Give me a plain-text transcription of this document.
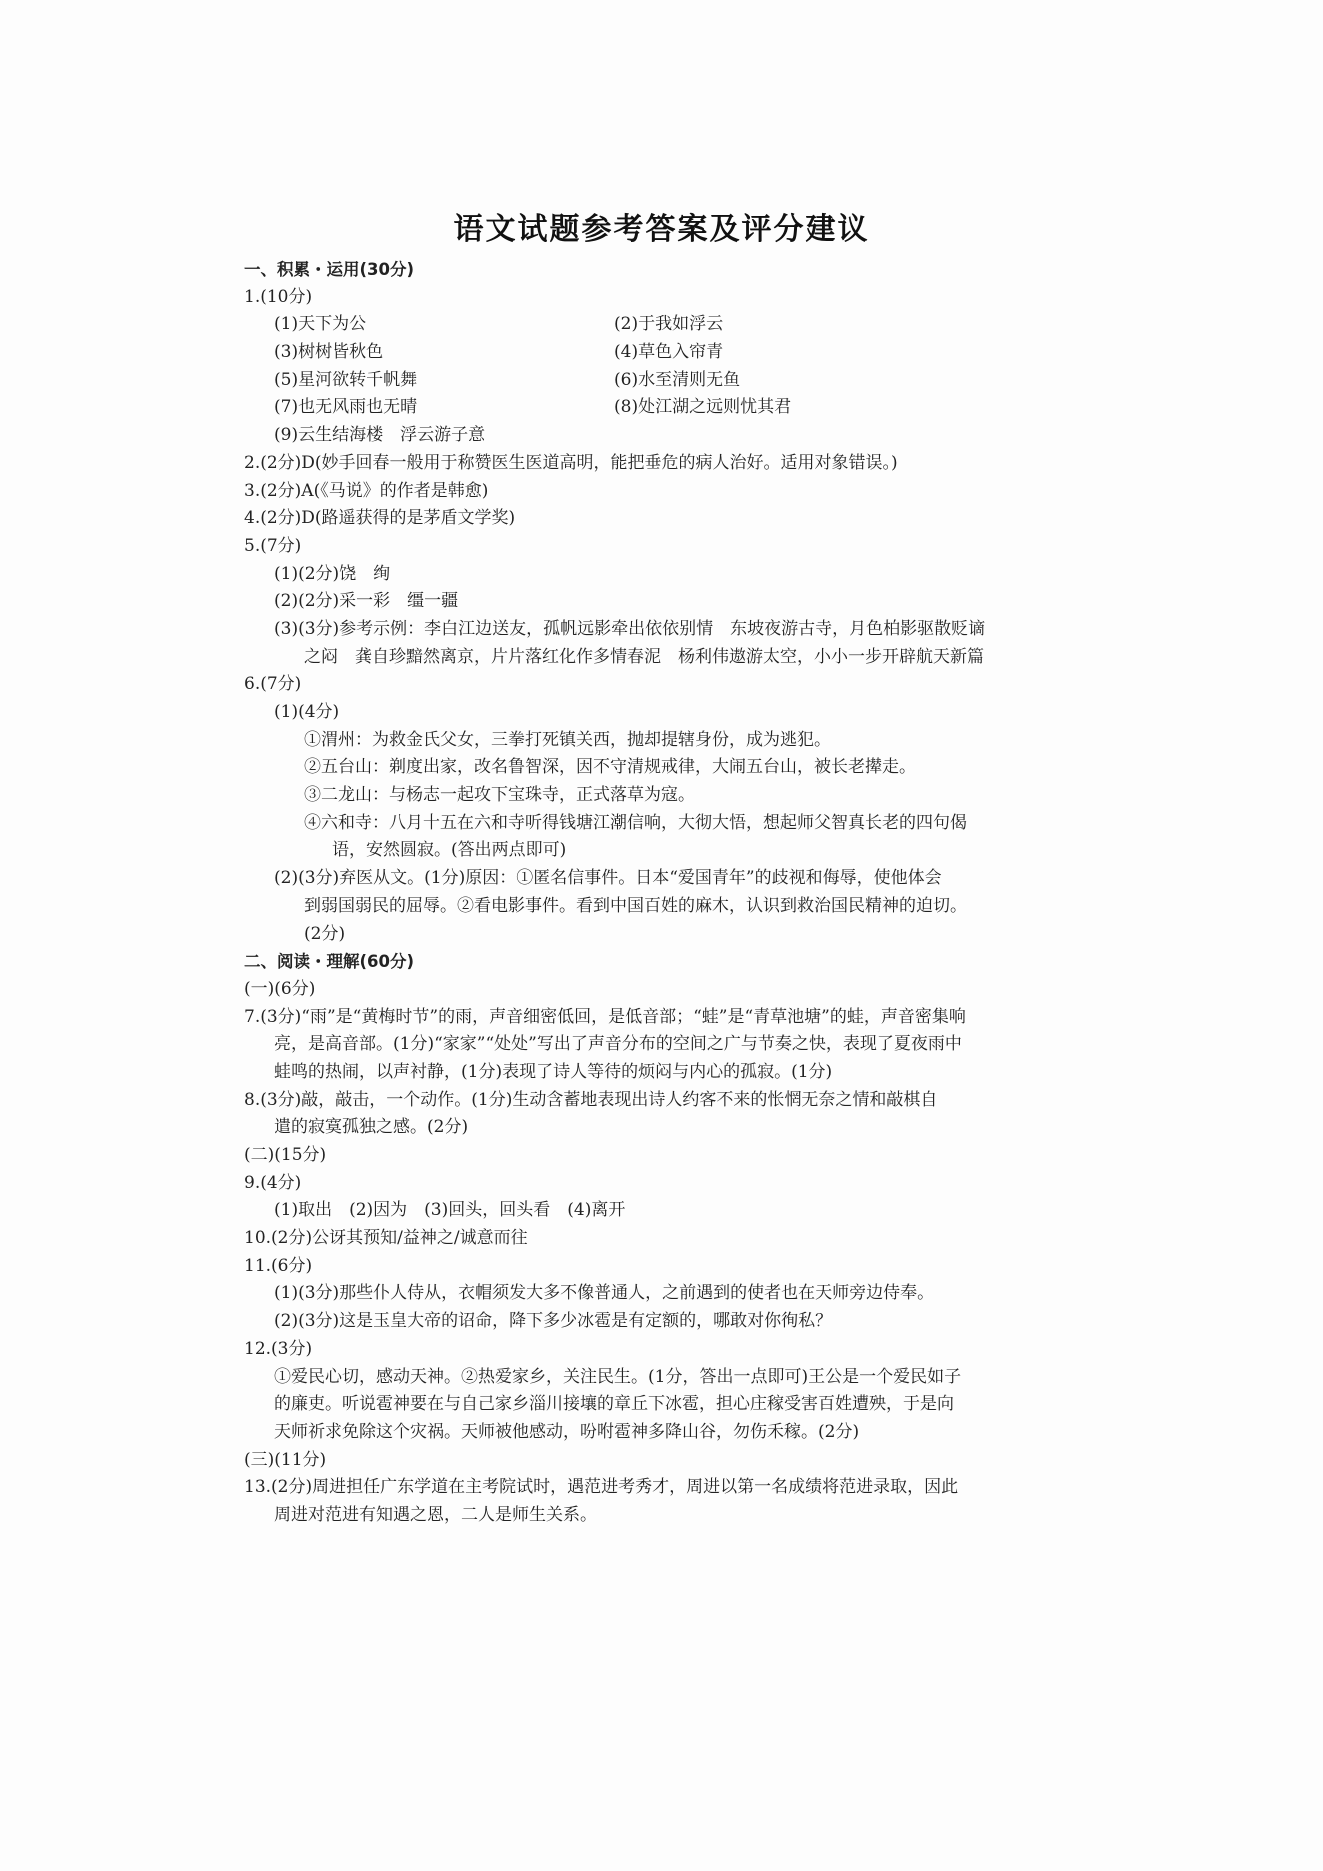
语文试题参考答案及评分建议
一、积累・运用(30分)
1.(10分)
(1)天下为公	(2)于我如浮云
(3)树树皆秋色	(4)草色入帘青
(5)星河欲转千帆舞	(6)水至清则无鱼
(7)也无风雨也无晴	(8)处江湖之远则忧其君
(9)云生结海楼　浮云游子意
2.(2分)D(妙手回春一般用于称赞医生医道高明，能把垂危的病人治好。适用对象错误。)
3.(2分)A(《马说》的作者是韩愈)
4.(2分)D(路遥获得的是茅盾文学奖)
5.(7分)
(1)(2分)饶　绚
(2)(2分)采一彩　缰一疆
(3)(3分)参考示例：李白江边送友，孤帆远影牵出依依别情　东坡夜游古寺，月色柏影驱散贬谪
之闷　龚自珍黯然离京，片片落红化作多情春泥　杨利伟遨游太空，小小一步开辟航天新篇
6.(7分)
(1)(4分)
①渭州：为救金氏父女，三拳打死镇关西，抛却提辖身份，成为逃犯。
②五台山：剃度出家，改名鲁智深，因不守清规戒律，大闹五台山，被长老撵走。
③二龙山：与杨志一起攻下宝珠寺，正式落草为寇。
④六和寺：八月十五在六和寺听得钱塘江潮信响，大彻大悟，想起师父智真长老的四句偈
语，安然圆寂。(答出两点即可)
(2)(3分)弃医从文。(1分)原因：①匿名信事件。日本“爱国青年”的歧视和侮辱，使他体会
到弱国弱民的屈辱。②看电影事件。看到中国百姓的麻木，认识到救治国民精神的迫切。
(2分)
二、阅读・理解(60分)
(一)(6分)
7.(3分)“雨”是“黄梅时节”的雨，声音细密低回，是低音部；“蛙”是“青草池塘”的蛙，声音密集响
亮，是高音部。(1分)“家家”“处处”写出了声音分布的空间之广与节奏之快，表现了夏夜雨中
蛙鸣的热闹，以声衬静，(1分)表现了诗人等待的烦闷与内心的孤寂。(1分)
8.(3分)敲，敲击，一个动作。(1分)生动含蓄地表现出诗人约客不来的怅惘无奈之情和敲棋自
遣的寂寞孤独之感。(2分)
(二)(15分)
9.(4分)
(1)取出　(2)因为　(3)回头，回头看　(4)离开
10.(2分)公讶其预知/益神之/诚意而往
11.(6分)
(1)(3分)那些仆人侍从，衣帽须发大多不像普通人，之前遇到的使者也在天师旁边侍奉。
(2)(3分)这是玉皇大帝的诏命，降下多少冰雹是有定额的，哪敢对你徇私？
12.(3分)
①爱民心切，感动天神。②热爱家乡，关注民生。(1分，答出一点即可)王公是一个爱民如子
的廉吏。听说雹神要在与自己家乡淄川接壤的章丘下冰雹，担心庄稼受害百姓遭殃，于是向
天师祈求免除这个灾祸。天师被他感动，吩咐雹神多降山谷，勿伤禾稼。(2分)
(三)(11分)
13.(2分)周进担任广东学道在主考院试时，遇范进考秀才，周进以第一名成绩将范进录取，因此
周进对范进有知遇之恩，二人是师生关系。
